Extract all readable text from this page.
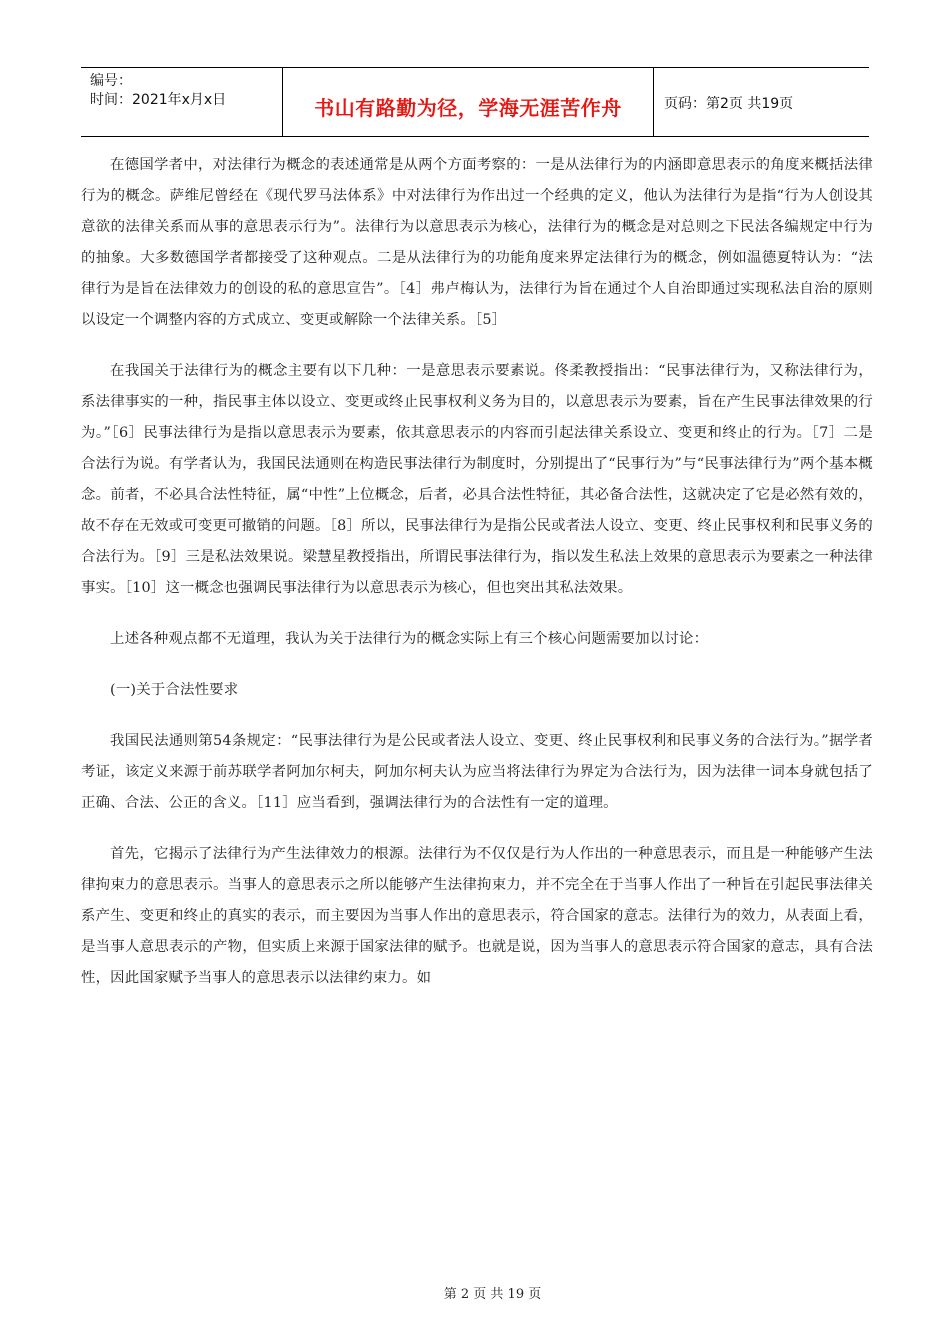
编号：
时间：2021年x月x日	书山有路勤为径，学海无涯苦作舟	页码：第2页 共19页

在德国学者中，对法律行为概念的表述通常是从两个方面考察的：一是从法律行为的内涵即意思表示的角度来概括法律行为的概念。萨维尼曾经在《现代罗马法体系》中对法律行为作出过一个经典的定义，他认为法律行为是指“行为人创设其意欲的法律关系而从事的意思表示行为”。法律行为以意思表示为核心，法律行为的概念是对总则之下民法各编规定中行为的抽象。大多数德国学者都接受了这种观点。二是从法律行为的功能角度来界定法律行为的概念，例如温德夏特认为：“法律行为是旨在法律效力的创设的私的意思宣告”。［4］弗卢梅认为，法律行为旨在通过个人自治即通过实现私法自治的原则以设定一个调整内容的方式成立、变更或解除一个法律关系。［5］

在我国关于法律行为的概念主要有以下几种：一是意思表示要素说。佟柔教授指出：“民事法律行为，又称法律行为，系法律事实的一种，指民事主体以设立、变更或终止民事权利义务为目的，以意思表示为要素，旨在产生民事法律效果的行为。”［6］民事法律行为是指以意思表示为要素，依其意思表示的内容而引起法律关系设立、变更和终止的行为。［7］二是合法行为说。有学者认为，我国民法通则在构造民事法律行为制度时，分别提出了“民事行为”与“民事法律行为”两个基本概念。前者，不必具合法性特征，属“中性”上位概念，后者，必具合法性特征，其必备合法性，这就决定了它是必然有效的，故不存在无效或可变更可撤销的问题。［8］所以，民事法律行为是指公民或者法人设立、变更、终止民事权利和民事义务的合法行为。［9］三是私法效果说。梁慧星教授指出，所谓民事法律行为，指以发生私法上效果的意思表示为要素之一种法律事实。［10］这一概念也强调民事法律行为以意思表示为核心，但也突出其私法效果。

上述各种观点都不无道理，我认为关于法律行为的概念实际上有三个核心问题需要加以讨论：

(一)关于合法性要求

我国民法通则第54条规定：“民事法律行为是公民或者法人设立、变更、终止民事权利和民事义务的合法行为。”据学者考证，该定义来源于前苏联学者阿加尔柯夫，阿加尔柯夫认为应当将法律行为界定为合法行为，因为法律一词本身就包括了正确、合法、公正的含义。［11］应当看到，强调法律行为的合法性有一定的道理。

首先，它揭示了法律行为产生法律效力的根源。法律行为不仅仅是行为人作出的一种意思表示，而且是一种能够产生法律拘束力的意思表示。当事人的意思表示之所以能够产生法律拘束力，并不完全在于当事人作出了一种旨在引起民事法律关系产生、变更和终止的真实的表示，而主要因为当事人作出的意思表示，符合国家的意志。法律行为的效力，从表面上看，是当事人意思表示的产物，但实质上来源于国家法律的赋予。也就是说，因为当事人的意思表示符合国家的意志，具有合法性，因此国家赋予当事人的意思表示以法律约束力。如

第 2 页 共 19 页
